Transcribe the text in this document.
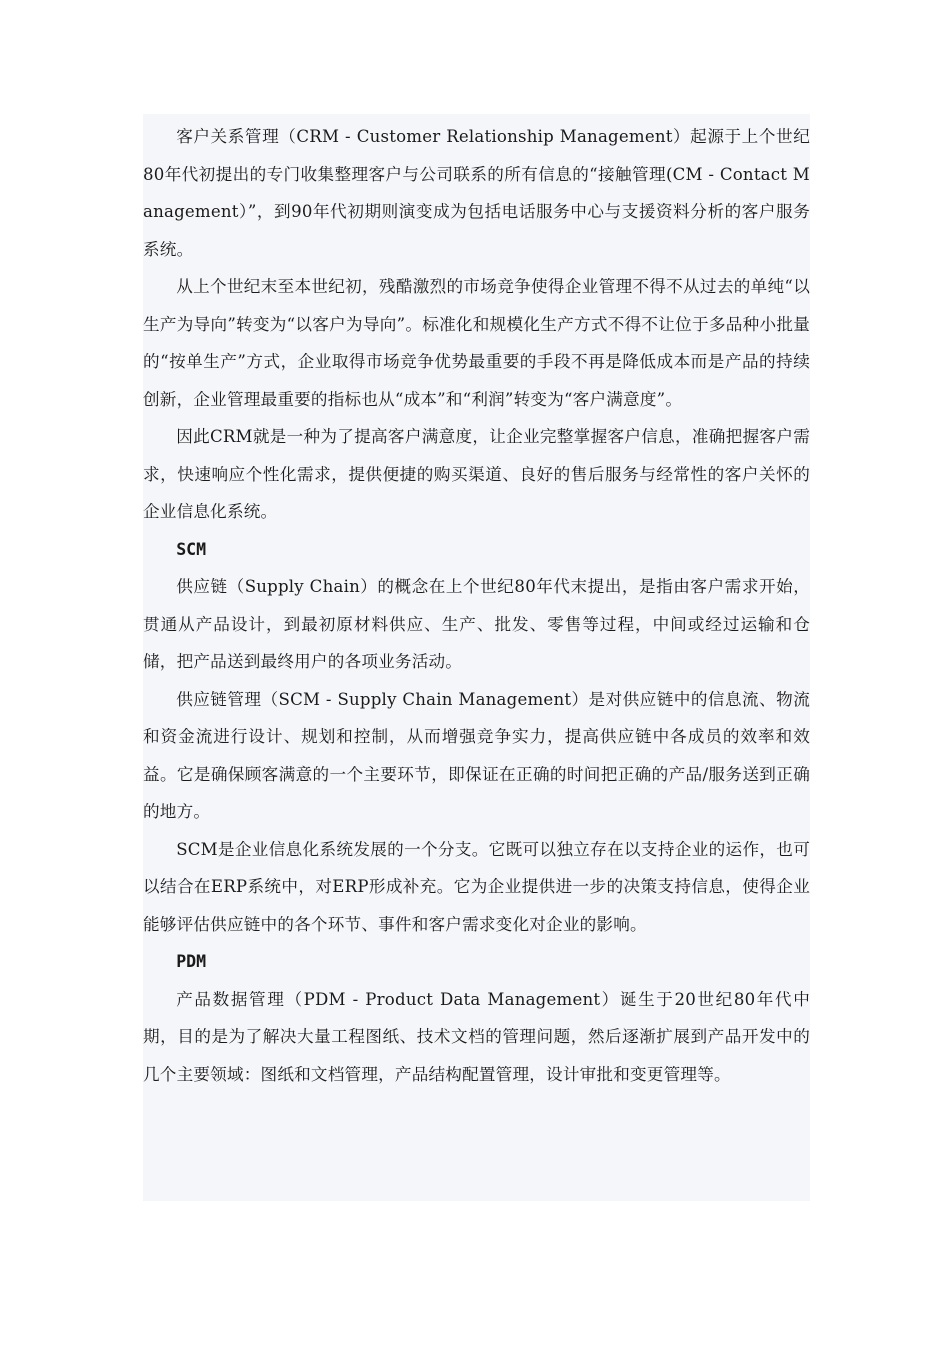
客户关系管理（CRM - Customer Relationship Management）起源于上个世纪80年代初提出的专门收集整理客户与公司联系的所有信息的“接触管理(CM - Contact Management）”，到90年代初期则演变成为包括电话服务中心与支援资料分析的客户服务系统。

从上个世纪末至本世纪初，残酷激烈的市场竞争使得企业管理不得不从过去的单纯“以生产为导向”转变为“以客户为导向”。标准化和规模化生产方式不得不让位于多品种小批量的“按单生产”方式，企业取得市场竞争优势最重要的手段不再是降低成本而是产品的持续创新，企业管理最重要的指标也从“成本”和“利润”转变为“客户满意度”。

因此CRM就是一种为了提高客户满意度，让企业完整掌握客户信息，准确把握客户需求，快速响应个性化需求，提供便捷的购买渠道、良好的售后服务与经常性的客户关怀的企业信息化系统。

SCM

供应链（Supply Chain）的概念在上个世纪80年代末提出，是指由客户需求开始，贯通从产品设计，到最初原材料供应、生产、批发、零售等过程，中间或经过运输和仓储，把产品送到最终用户的各项业务活动。

供应链管理（SCM - Supply Chain Management）是对供应链中的信息流、物流和资金流进行设计、规划和控制，从而增强竞争实力，提高供应链中各成员的效率和效益。它是确保顾客满意的一个主要环节，即保证在正确的时间把正确的产品/服务送到正确的地方。

SCM是企业信息化系统发展的一个分支。它既可以独立存在以支持企业的运作，也可以结合在ERP系统中，对ERP形成补充。它为企业提供进一步的决策支持信息，使得企业能够评估供应链中的各个环节、事件和客户需求变化对企业的影响。

PDM

产品数据管理（PDM - Product Data Management）诞生于20世纪80年代中期，目的是为了解决大量工程图纸、技术文档的管理问题，然后逐渐扩展到产品开发中的几个主要领域：图纸和文档管理，产品结构配置管理，设计审批和变更管理等。
